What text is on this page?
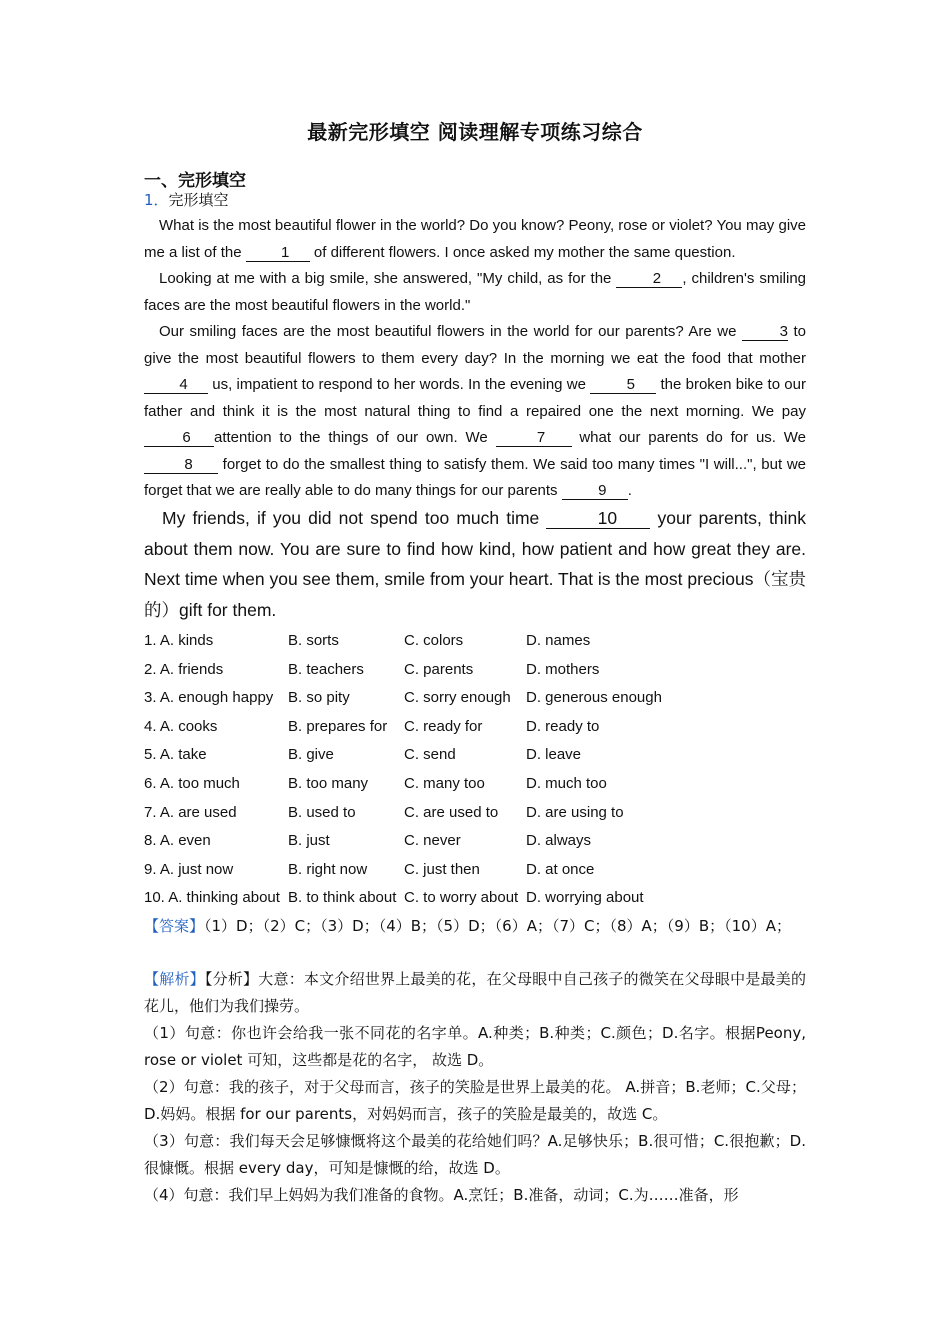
最新完形填空 阅读理解专项练习综合
一、完形填空
1．完形填空

What is the most beautiful flower in the world? Do you know? Peony, rose or violet? You may give me a list of the 1 of different flowers. I once asked my mother the same question.

Looking at me with a big smile, she answered, "My child, as for the 2 , children's smiling faces are the most beautiful flowers in the world."

Our smiling faces are the most beautiful flowers in the world for our parents? Are we	3 to give the most beautiful flowers to them every day? In the morning we eat the food that mother 4 us, impatient to respond to her words. In the evening we 5 the broken bike to our father and think it is the most natural thing to find a repaired one the next morning. We pay 6 attention to the things of our own. We	7 what our parents do for us. We 8 forget to do the smallest thing to satisfy them. We said too many times "I will...", but we forget that we are really able to do many things for our parents 9 .

My friends, if you did not spend too much time	10 your parents, think about them now. You are sure to find how kind, how patient and how great they are. Next time when you see them, smile from your heart. That is the most precious（宝贵的）gift for them.

1. A. kinds	B. sorts	C. colors	D. names
2. A. friends	B. teachers	C. parents	D. mothers
3. A. enough happy B. so pity	C. sorry enough D. generous enough
4. A. cooks	B. prepares for C. ready for	D. ready to
5. A. take	B. give	C. send	D. leave
6. A. too much	B. too many C. many too	D. much too
7. A. are used	B. used to	C. are used to D. are using to
8. A. even	B. just	C. never	D. always
9. A. just now	B. right now C. just then	D. at once
10. A. thinking about B. to think about C. to worry about D. worrying about
【答案】（1）D；（2）C；（3）D；（4）B；（5）D；（6）A；（7）C；（8）A；（9）B；（10）A；
【解析】【分析】大意：本文介绍世界上最美的花，在父母眼中自己孩子的微笑在父母眼中是最美的花儿，他们为我们操劳。
（1）句意：你也许会给我一张不同花的名字单。A.种类；B.种类；C.颜色；D.名字。根据Peony, rose or violet 可知，这些都是花的名字， 故选 D。
（2）句意：我的孩子，对于父母而言，孩子的笑脸是世界上最美的花。 A.拼音；B.老师；C.父母；D.妈妈。根据 for our parents，对妈妈而言，孩子的笑脸是最美的，故选 C。
（3）句意：我们每天会足够慷慨将这个最美的花给她们吗？A.足够快乐；B.很可惜；C.很抱歉；D.很慷慨。根据 every day，可知是慷慨的给，故选 D。
（4）句意：我们早上妈妈为我们准备的食物。A.烹饪；B.准备，动词；C.为……准备，形
